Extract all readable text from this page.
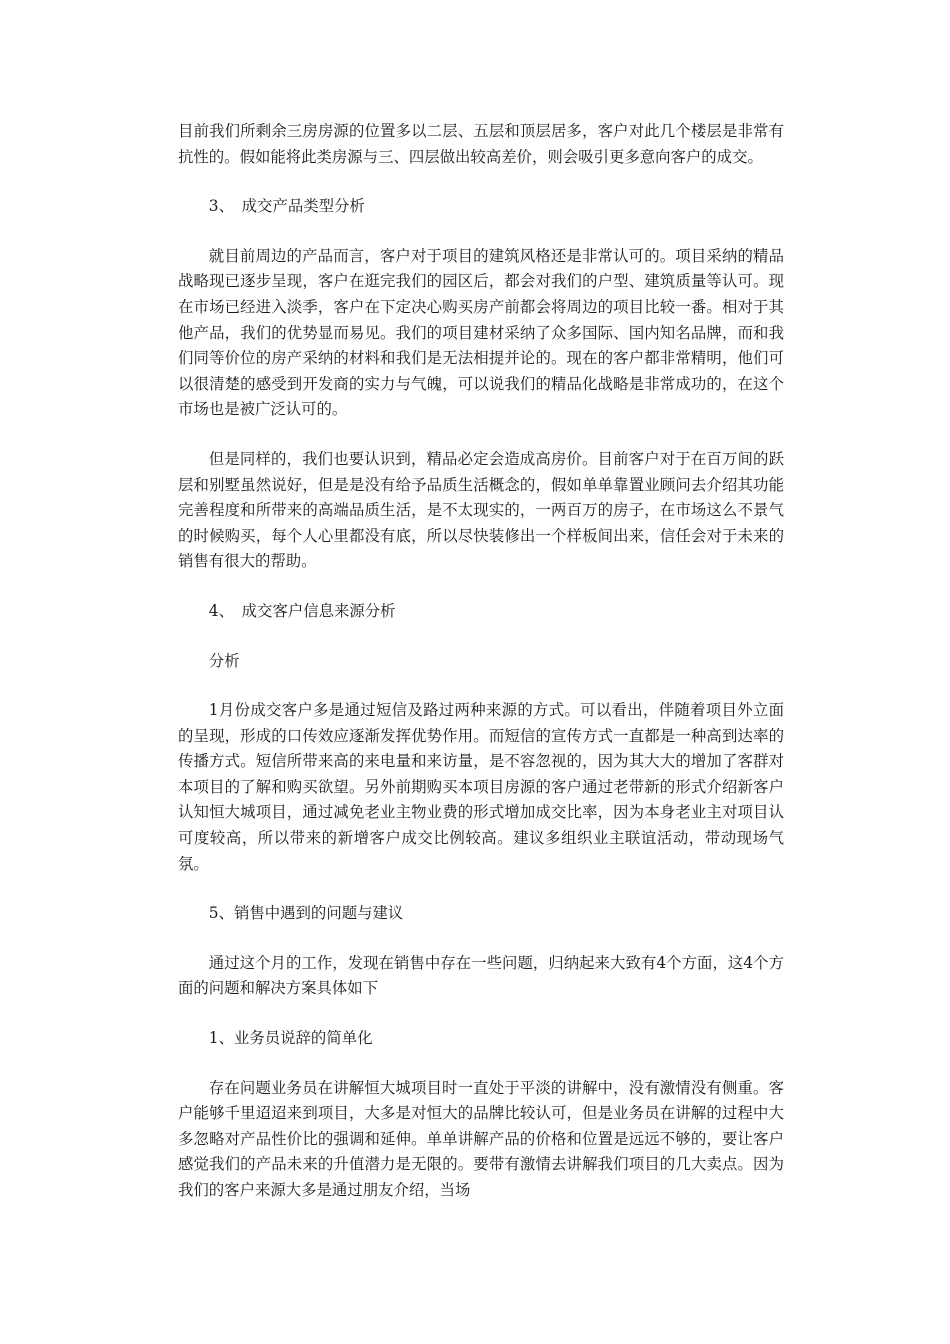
目前我们所剩余三房房源的位置多以二层、五层和顶层居多，客户对此几个楼层是非常有抗性的。假如能将此类房源与三、四层做出较高差价，则会吸引更多意向客户的成交。

3、　成交产品类型分析

就目前周边的产品而言，客户对于项目的建筑风格还是非常认可的。项目采纳的精品战略现已逐步呈现，客户在逛完我们的园区后，都会对我们的户型、建筑质量等认可。现在市场已经进入淡季，客户在下定决心购买房产前都会将周边的项目比较一番。相对于其他产品，我们的优势显而易见。我们的项目建材采纳了众多国际、国内知名品牌，而和我们同等价位的房产采纳的材料和我们是无法相提并论的。现在的客户都非常精明，他们可以很清楚的感受到开发商的实力与气魄，可以说我们的精品化战略是非常成功的，在这个市场也是被广泛认可的。

但是同样的，我们也要认识到，精品必定会造成高房价。目前客户对于在百万间的跃层和别墅虽然说好，但是是没有给予品质生活概念的，假如单单靠置业顾问去介绍其功能完善程度和所带来的高端品质生活，是不太现实的，一两百万的房子，在市场这么不景气的时候购买，每个人心里都没有底，所以尽快装修出一个样板间出来，信任会对于未来的销售有很大的帮助。

4、　成交客户信息来源分析

分析

1月份成交客户多是通过短信及路过两种来源的方式。可以看出，伴随着项目外立面的呈现，形成的口传效应逐渐发挥优势作用。而短信的宣传方式一直都是一种高到达率的传播方式。短信所带来高的来电量和来访量，是不容忽视的，因为其大大的增加了客群对本项目的了解和购买欲望。另外前期购买本项目房源的客户通过老带新的形式介绍新客户认知恒大城项目，通过减免老业主物业费的形式增加成交比率，因为本身老业主对项目认可度较高，所以带来的新增客户成交比例较高。建议多组织业主联谊活动，带动现场气氛。

5、销售中遇到的问题与建议

通过这个月的工作，发现在销售中存在一些问题，归纳起来大致有4个方面，这4个方面的问题和解决方案具体如下

1、业务员说辞的简单化

存在问题业务员在讲解恒大城项目时一直处于平淡的讲解中，没有激情没有侧重。客户能够千里迢迢来到项目，大多是对恒大的品牌比较认可，但是业务员在讲解的过程中大多忽略对产品性价比的强调和延伸。单单讲解产品的价格和位置是远远不够的，要让客户感觉我们的产品未来的升值潜力是无限的。要带有激情去讲解我们项目的几大卖点。因为我们的客户来源大多是通过朋友介绍，当场
